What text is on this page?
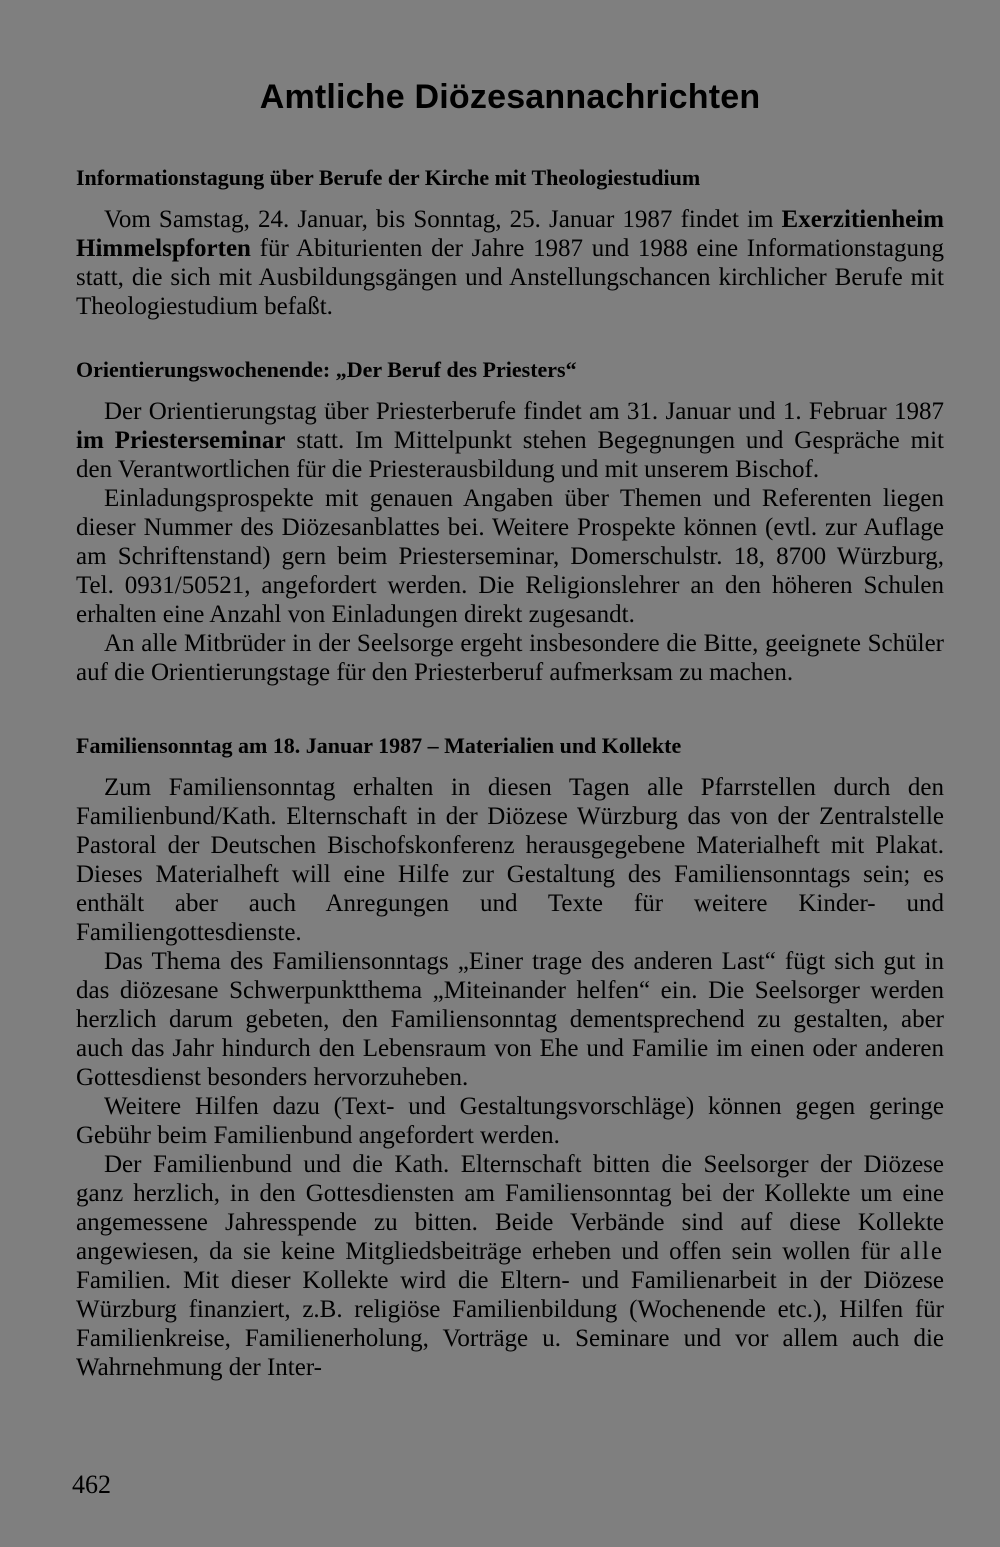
Amtliche Diözesannachrichten
Informationstagung über Berufe der Kirche mit Theologiestudium

Vom Samstag, 24. Januar, bis Sonntag, 25. Januar 1987 findet im Exerzitienheim Himmelspforten für Abiturienten der Jahre 1987 und 1988 eine Informationstagung statt, die sich mit Ausbildungsgängen und Anstellungschancen kirchlicher Berufe mit Theologiestudium befaßt.

Orientierungswochenende: „Der Beruf des Priesters“

Der Orientierungstag über Priesterberufe findet am 31. Januar und 1. Februar 1987 im Priesterseminar statt. Im Mittelpunkt stehen Begegnungen und Gespräche mit den Verantwortlichen für die Priesterausbildung und mit unserem Bischof.

Einladungsprospekte mit genauen Angaben über Themen und Referenten liegen dieser Nummer des Diözesanblattes bei. Weitere Prospekte können (evtl. zur Auflage am Schriftenstand) gern beim Priesterseminar, Domerschulstr. 18, 8700 Würzburg, Tel. 0931/50521, angefordert werden. Die Religionslehrer an den höheren Schulen erhalten eine Anzahl von Einladungen direkt zugesandt.

An alle Mitbrüder in der Seelsorge ergeht insbesondere die Bitte, geeignete Schüler auf die Orientierungstage für den Priesterberuf aufmerksam zu machen.

Familiensonntag am 18. Januar 1987 – Materialien und Kollekte

Zum Familiensonntag erhalten in diesen Tagen alle Pfarrstellen durch den Familienbund/Kath. Elternschaft in der Diözese Würzburg das von der Zentralstelle Pastoral der Deutschen Bischofskonferenz herausgegebene Materialheft mit Plakat. Dieses Materialheft will eine Hilfe zur Gestaltung des Familiensonntags sein; es enthält aber auch Anregungen und Texte für weitere Kinder- und Familiengottesdienste.

Das Thema des Familiensonntags „Einer trage des anderen Last“ fügt sich gut in das diözesane Schwerpunktthema „Miteinander helfen“ ein. Die Seelsorger werden herzlich darum gebeten, den Familiensonntag dementsprechend zu gestalten, aber auch das Jahr hindurch den Lebensraum von Ehe und Familie im einen oder anderen Gottesdienst besonders hervorzuheben.

Weitere Hilfen dazu (Text- und Gestaltungsvorschläge) können gegen geringe Gebühr beim Familienbund angefordert werden.

Der Familienbund und die Kath. Elternschaft bitten die Seelsorger der Diözese ganz herzlich, in den Gottesdiensten am Familiensonntag bei der Kollekte um eine angemessene Jahresspende zu bitten. Beide Verbände sind auf diese Kollekte angewiesen, da sie keine Mitgliedsbeiträge erheben und offen sein wollen für alle Familien. Mit dieser Kollekte wird die Eltern- und Familienarbeit in der Diözese Würzburg finanziert, z.B. religiöse Familienbildung (Wochenende etc.), Hilfen für Familienkreise, Familienerholung, Vorträge u. Seminare und vor allem auch die Wahrnehmung der Inter-

462
